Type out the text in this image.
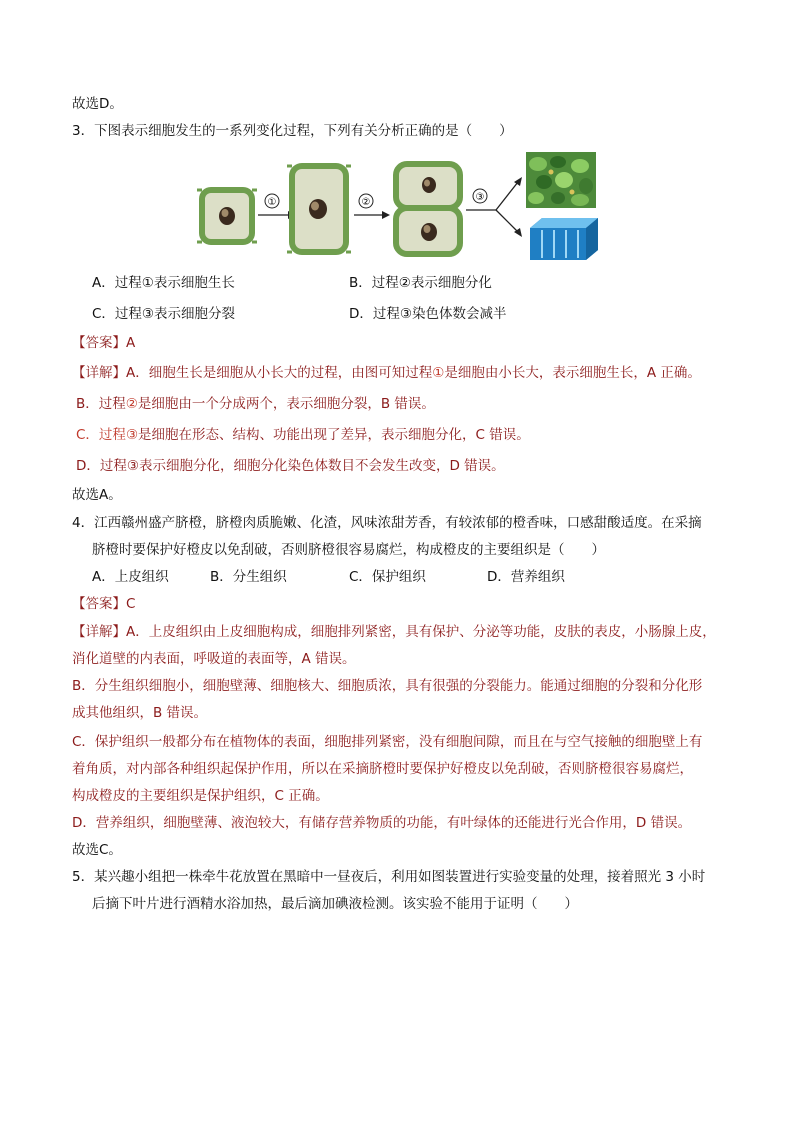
故选D。
3．下图表示细胞发生的一系列变化过程，下列有关分析正确的是（　　）
①	②	③
A．过程①表示细胞生长	B．过程②表示细胞分化
C．过程③表示细胞分裂	D．过程③染色体数会减半
【答案】A
【详解】A．细胞生长是细胞从小长大的过程，由图可知过程①是细胞由小长大，表示细胞生长，A 正确。
B．过程②是细胞由一个分成两个，表示细胞分裂，B 错误。
C．过程③是细胞在形态、结构、功能出现了差异，表示细胞分化，C 错误。
D．过程③表示细胞分化，细胞分化染色体数目不会发生改变，D 错误。
故选A。
4．江西赣州盛产脐橙，脐橙肉质脆嫩、化渣，风味浓甜芳香，有较浓郁的橙香味，口感甜酸适度。在采摘
脐橙时要保护好橙皮以免刮破，否则脐橙很容易腐烂，构成橙皮的主要组织是（　　）
A．上皮组织	B．分生组织	C．保护组织	D．营养组织
【答案】C
【详解】A．上皮组织由上皮细胞构成，细胞排列紧密，具有保护、分泌等功能，皮肤的表皮，小肠腺上皮，
消化道壁的内表面，呼吸道的表面等，A 错误。
B．分生组织细胞小，细胞壁薄、细胞核大、细胞质浓，具有很强的分裂能力。能通过细胞的分裂和分化形
成其他组织，B 错误。
C．保护组织一般都分布在植物体的表面，细胞排列紧密，没有细胞间隙，而且在与空气接触的细胞壁上有
着角质，对内部各种组织起保护作用，所以在采摘脐橙时要保护好橙皮以免刮破，否则脐橙很容易腐烂，
构成橙皮的主要组织是保护组织，C 正确。
D．营养组织，细胞壁薄、液泡较大，有储存营养物质的功能，有叶绿体的还能进行光合作用，D 错误。
故选C。
5．某兴趣小组把一株牵牛花放置在黑暗中一昼夜后，利用如图装置进行实验变量的处理，接着照光 3 小时
后摘下叶片进行酒精水浴加热，最后滴加碘液检测。该实验不能用于证明（　　）
